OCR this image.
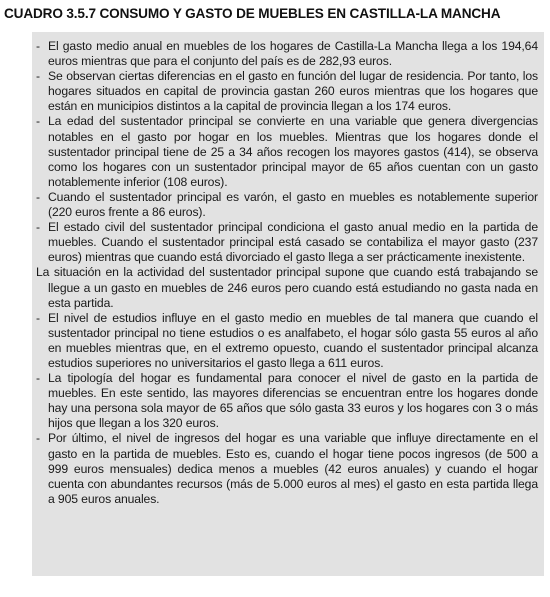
CUADRO 3.5.7 CONSUMO Y GASTO DE MUEBLES EN CASTILLA-LA MANCHA
- El gasto medio anual en muebles de los hogares de Castilla-La Mancha llega a los 194,64 euros mientras que para el conjunto del país es de 282,93 euros.
- Se observan ciertas diferencias en el gasto en función del lugar de residencia. Por tanto, los hogares situados en capital de provincia gastan 260 euros mientras que los hogares que están en municipios distintos a la capital de provincia llegan a los 174 euros.
- La edad del sustentador principal se convierte en una variable que genera divergencias notables en el gasto por hogar en los muebles. Mientras que los hogares donde el sustentador principal tiene de 25 a 34 años recogen los mayores gastos (414), se observa como los hogares con un sustentador principal mayor de 65 años cuentan con un gasto notablemente inferior (108 euros).
- Cuando el sustentador principal es varón, el gasto en muebles es notablemente superior (220 euros frente a 86 euros).
- El estado civil del sustentador principal condiciona el gasto anual medio en la partida de muebles. Cuando el sustentador principal está casado se contabiliza el mayor gasto (237 euros) mientras que cuando está divorciado el gasto llega a ser prácticamente inexistente.
La situación en la actividad del sustentador principal supone que cuando está trabajando se llegue a un gasto en muebles de 246 euros pero cuando está estudiando no gasta nada en esta partida.
- El nivel de estudios influye en el gasto medio en muebles de tal manera que cuando el sustentador principal no tiene estudios o es analfabeto, el hogar sólo gasta 55 euros al año en muebles mientras que, en el extremo opuesto, cuando el sustentador principal alcanza estudios superiores no universitarios el gasto llega a 611 euros.
- La tipología del hogar es fundamental para conocer el nivel de gasto en la partida de muebles. En este sentido, las mayores diferencias se encuentran entre los hogares donde hay una persona sola mayor de 65 años que sólo gasta 33 euros y los hogares con 3 o más hijos que llegan a los 320 euros.
- Por último, el nivel de ingresos del hogar es una variable que influye directamente en el gasto en la partida de muebles. Esto es, cuando el hogar tiene pocos ingresos (de 500 a 999 euros mensuales) dedica menos a muebles (42 euros anuales) y cuando el hogar cuenta con abundantes recursos (más de 5.000 euros al mes) el gasto en esta partida llega a 905 euros anuales.
